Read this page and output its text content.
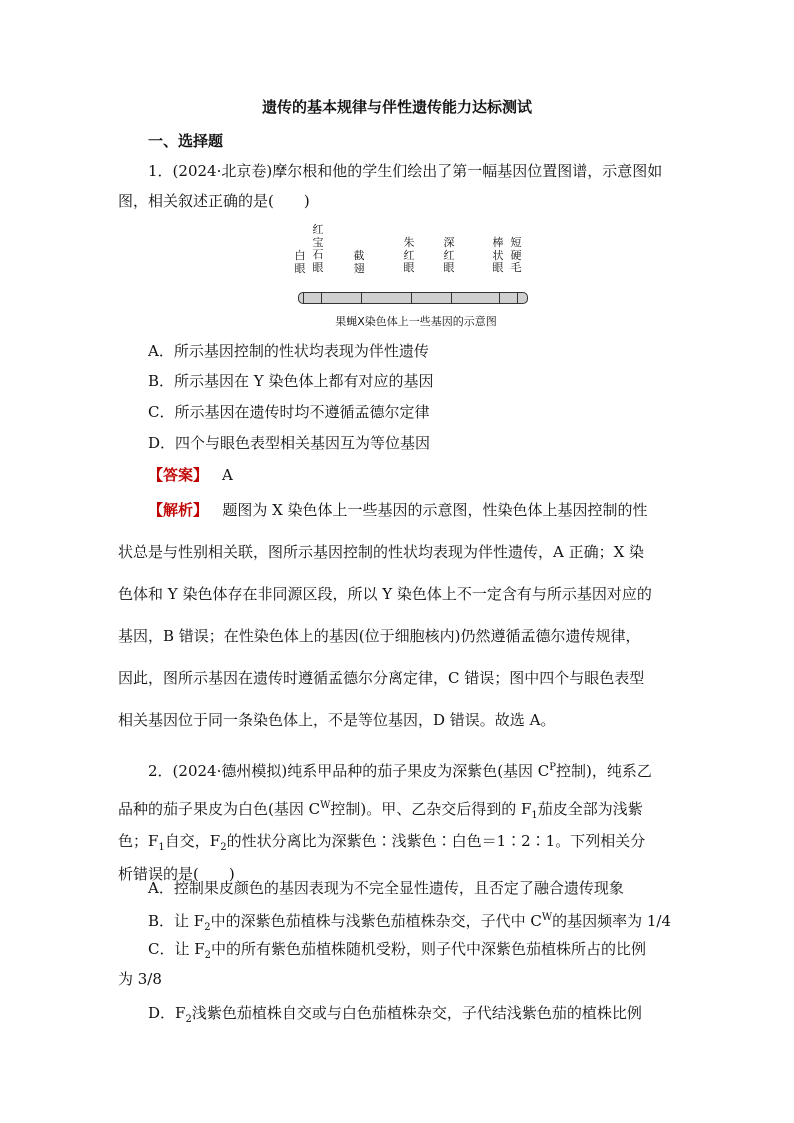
遗传的基本规律与伴性遗传能力达标测试
一、选择题
1．(2024·北京卷)摩尔根和他的学生们绘出了第一幅基因位置图谱，示意图如
图，相关叙述正确的是(　　)
白
眼
红
宝
石
眼
截
翅
朱
红
眼
深
红
眼
棒
状
眼
短
硬
毛
果蝇X染色体上一些基因的示意图
A．所示基因控制的性状均表现为伴性遗传
B．所示基因在 Y 染色体上都有对应的基因
C．所示基因在遗传时均不遵循孟德尔定律
D．四个与眼色表型相关基因互为等位基因
【答案】 A
【解析】 题图为 X 染色体上一些基因的示意图，性染色体上基因控制的性
状总是与性别相关联，图所示基因控制的性状均表现为伴性遗传，A 正确；X 染
色体和 Y 染色体存在非同源区段，所以 Y 染色体上不一定含有与所示基因对应的
基因，B 错误；在性染色体上的基因(位于细胞核内)仍然遵循孟德尔遗传规律，
因此，图所示基因在遗传时遵循孟德尔分离定律，C 错误；图中四个与眼色表型
相关基因位于同一条染色体上，不是等位基因，D 错误。故选 A。
2．(2024·德州模拟)纯系甲品种的茄子果皮为深紫色(基因 $C^P$控制)，纯系乙
品种的茄子果皮为白色(基因 $C^W$控制)。甲、乙杂交后得到的 $F_1$茄皮全部为浅紫
色；$F_1$自交，$F_2$的性状分离比为深紫色∶浅紫色∶白色＝1∶2∶1。下列相关分
析错误的是(　　)
A．控制果皮颜色的基因表现为不完全显性遗传，且否定了融合遗传现象
B．让 $F_2$中的深紫色茄植株与浅紫色茄植株杂交，子代中 $C^W$的基因频率为 1/4
C．让 $F_2$中的所有紫色茄植株随机受粉，则子代中深紫色茄植株所占的比例
为 3/8
D．$F_2$浅紫色茄植株自交或与白色茄植株杂交，子代结浅紫色茄的植株比例
